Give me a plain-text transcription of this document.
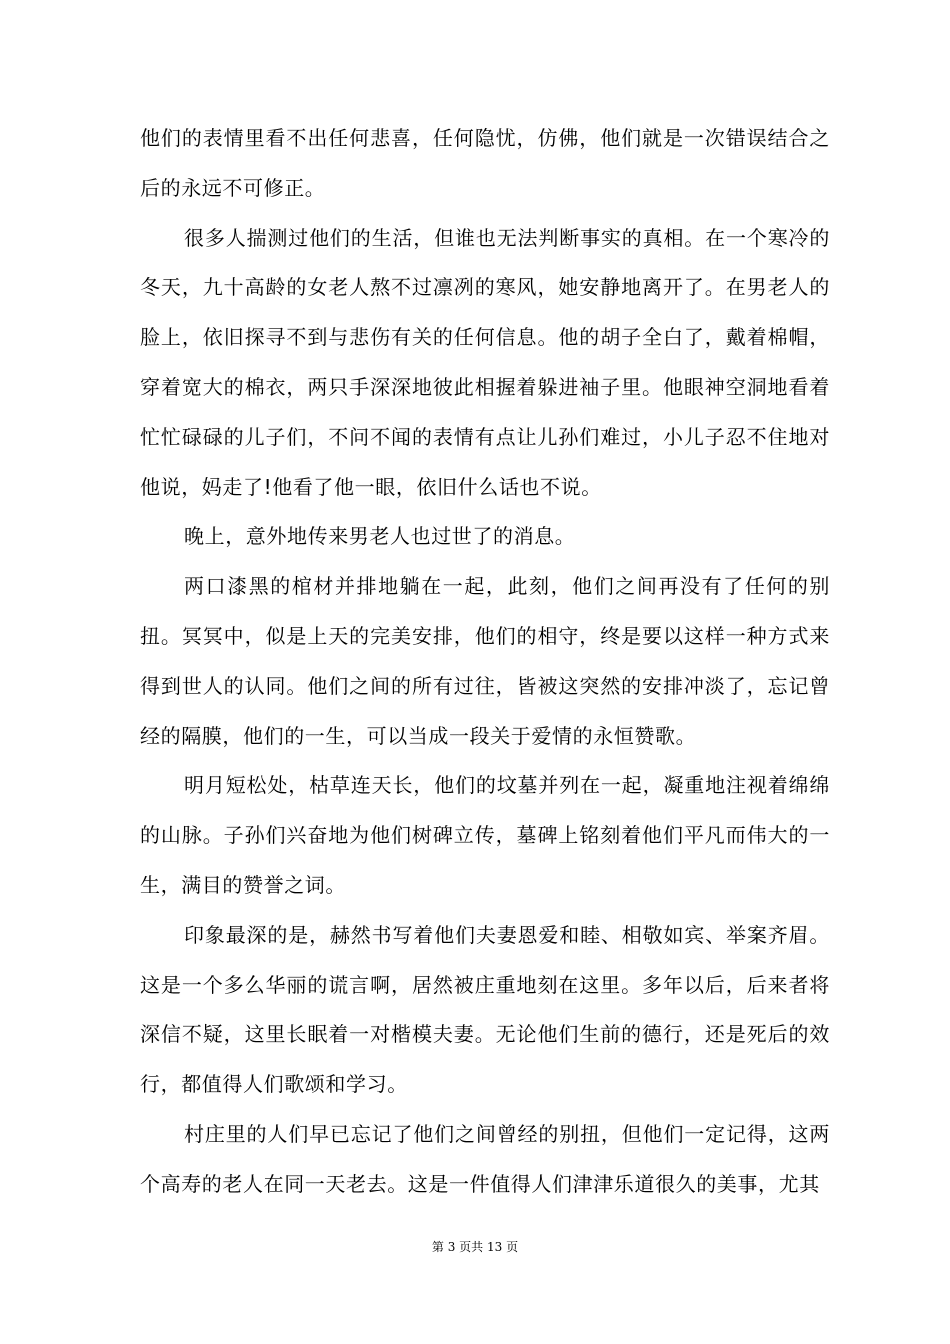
他们的表情里看不出任何悲喜，任何隐忧，仿佛，他们就是一次错误结合之后的永远不可修正。

很多人揣测过他们的生活，但谁也无法判断事实的真相。在一个寒冷的冬天，九十高龄的女老人熬不过凛冽的寒风，她安静地离开了。在男老人的脸上，依旧探寻不到与悲伤有关的任何信息。他的胡子全白了，戴着棉帽，穿着宽大的棉衣，两只手深深地彼此相握着躲进袖子里。他眼神空洞地看着忙忙碌碌的儿子们，不问不闻的表情有点让儿孙们难过，小儿子忍不住地对他说，妈走了!他看了他一眼，依旧什么话也不说。

晚上，意外地传来男老人也过世了的消息。

两口漆黑的棺材并排地躺在一起，此刻，他们之间再没有了任何的别扭。冥冥中，似是上天的完美安排，他们的相守，终是要以这样一种方式来得到世人的认同。他们之间的所有过往，皆被这突然的安排冲淡了，忘记曾经的隔膜，他们的一生，可以当成一段关于爱情的永恒赞歌。

明月短松处，枯草连天长，他们的坟墓并列在一起，凝重地注视着绵绵的山脉。子孙们兴奋地为他们树碑立传，墓碑上铭刻着他们平凡而伟大的一生，满目的赞誉之词。

印象最深的是，赫然书写着他们夫妻恩爱和睦、相敬如宾、举案齐眉。这是一个多么华丽的谎言啊，居然被庄重地刻在这里。多年以后，后来者将深信不疑，这里长眠着一对楷模夫妻。无论他们生前的德行，还是死后的效行，都值得人们歌颂和学习。

村庄里的人们早已忘记了他们之间曾经的别扭，但他们一定记得，这两个高寿的老人在同一天老去。这是一件值得人们津津乐道很久的美事，尤其

第 3 页共 13 页
